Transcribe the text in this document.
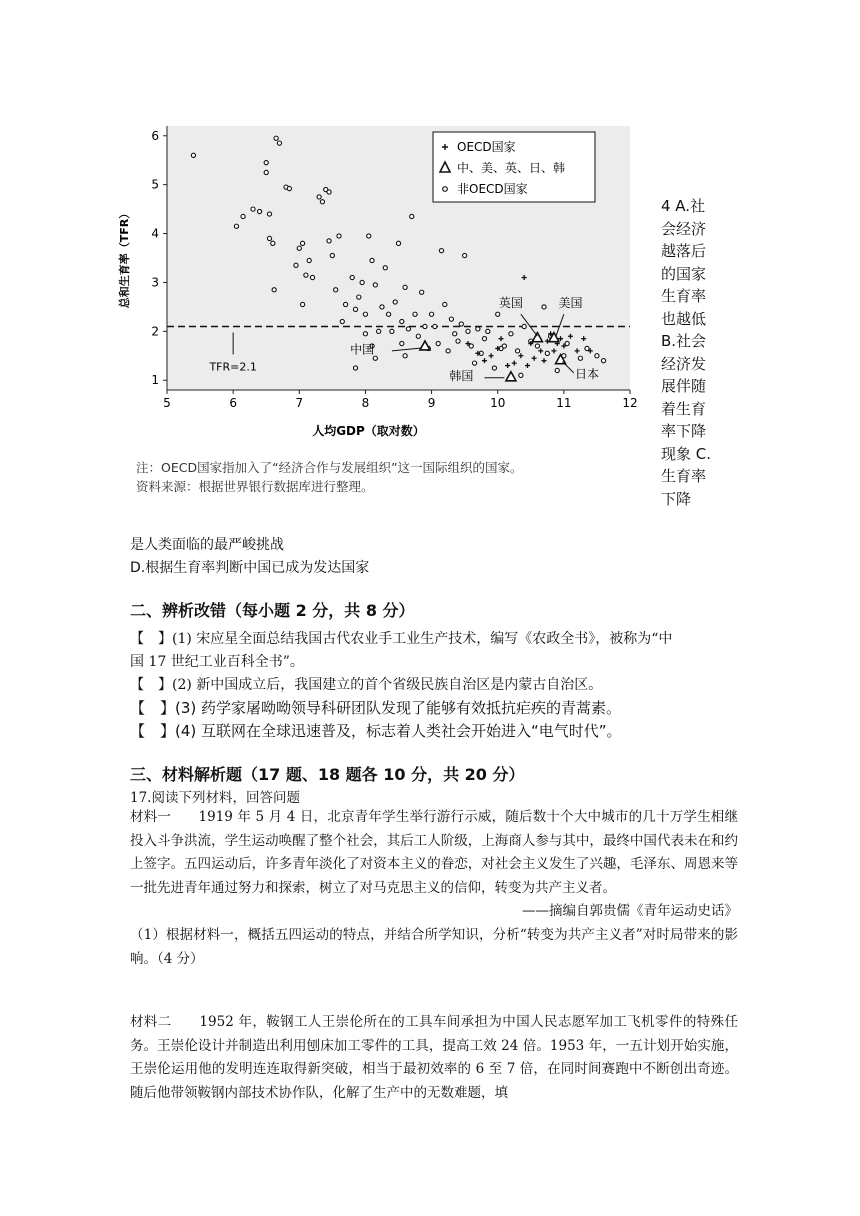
5	6	7	8	9	10	11	12
1
2
3
4
5
6
人均GDP（取对数）
总和生育率（TFR）
TFR=2.1
英国	美国
中国
韩国	日本
OECD国家
中、美、英、日、韩
非OECD国家
注：OECD国家指加入了“经济合作与发展组织”这一国际组织的国家。
资料来源：根据世界银行数据库进行整理。
4 A.社会经济越落后的国家生育率也越低 B.社会经济发展伴随着生育率下降现象 C.生育率下降
是人类面临的最严峻挑战
D.根据生育率判断中国已成为发达国家
二、辨析改错（每小题 2 分，共 8 分）
【　】(1) 宋应星全面总结我国古代农业手工业生产技术，编写《农政全书》，被称为“中
国 17 世纪工业百科全书”。
【　】(2) 新中国成立后，我国建立的首个省级民族自治区是内蒙古自治区。
【　】(3) 药学家屠呦呦领导科研团队发现了能够有效抵抗疟疾的青蒿素。
【　】(4) 互联网在全球迅速普及，标志着人类社会开始进入“电气时代”。
三、材料解析题（17 题、18 题各 10 分，共 20 分）
17.阅读下列材料，回答问题

材料一　　1919 年 5 月 4 日，北京青年学生举行游行示威，随后数十个大中城市的几十万学生相继投入斗争洪流，学生运动唤醒了整个社会，其后工人阶级，上海商人参与其中，最终中国代表未在和约上签字。五四运动后，许多青年淡化了对资本主义的眷恋，对社会主义发生了兴趣，毛泽东、周恩来等一批先进青年通过努力和探索，树立了对马克思主义的信仰，转变为共产主义者。

——摘编自郭贵儒《青年运动史话》

（1）根据材料一，概括五四运动的特点，并结合所学知识，分析“转变为共产主义者”对时局带来的影响。（4 分）

材料二　　1952 年，鞍钢工人王崇伦所在的工具车间承担为中国人民志愿军加工飞机零件的特殊任务。王崇伦设计并制造出利用刨床加工零件的工具，提高工效 24 倍。1953 年，一五计划开始实施，王崇伦运用他的发明连连取得新突破，相当于最初效率的 6 至 7 倍，在同时间赛跑中不断创出奇迹。随后他带领鞍钢内部技术协作队，化解了生产中的无数难题，填
